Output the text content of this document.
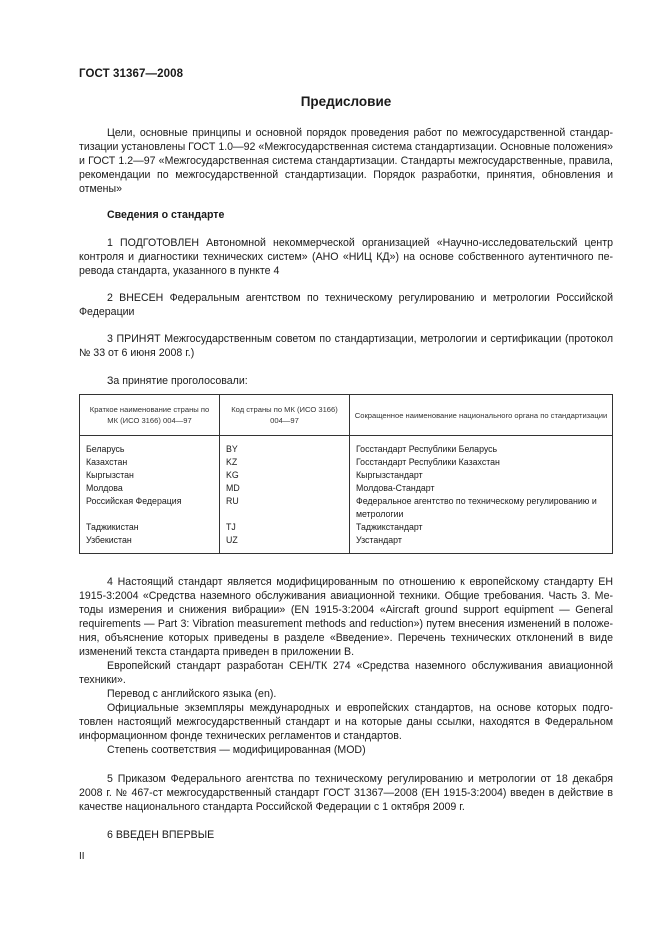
ГОСТ 31367—2008
Предисловие

Цели, основные принципы и основной порядок проведения работ по межгосударственной стандартизации установлены ГОСТ 1.0—92 «Межгосударственная система стандартизации. Основные положения» и ГОСТ 1.2—97 «Межгосударственная система стандартизации. Стандарты межгосударственные, правила, рекомендации по межгосударственной стандартизации. Порядок разработки, принятия, обновления и отмены»

Сведения о стандарте

1 ПОДГОТОВЛЕН Автономной некоммерческой организацией «Научно-исследовательский центр контроля и диагностики технических систем» (АНО «НИЦ КД») на основе собственного аутентичного перевода стандарта, указанного в пункте 4

2 ВНЕСЕН Федеральным агентством по техническому регулированию и метрологии Российской Федерации

3 ПРИНЯТ Межгосударственным советом по стандартизации, метрологии и сертификации (протокол № 33 от 6 июня 2008 г.)

За принятие проголосовали:

Краткое наименование страны по МК (ИСО 3166) 004—97	Код страны по МК (ИСО 3166) 004—97	Сокращенное наименование национального органа по стандартизации
Беларусь	BY	Госстандарт Республики Беларусь
Казахстан	KZ	Госстандарт Республики Казахстан
Кыргызстан	KG	Кыргызстандарт
Молдова	MD	Молдова-Стандарт
Российская Федерация	RU	Федеральное агентство по техническому регулированию и метрологии
Таджикистан	TJ	Таджикстандарт
Узбекистан	UZ	Узстандарт

4 Настоящий стандарт является модифицированным по отношению к европейскому стандарту ЕН 1915-3:2004 «Средства наземного обслуживания авиационной техники. Общие требования. Часть 3. Методы измерения и снижения вибрации» (EN 1915-3:2004 «Aircraft ground support equipment — General requirements — Part 3: Vibration measurement methods and reduction») путем внесения изменений в положения, объяснение которых приведены в разделе «Введение». Перечень технических отклонений в виде изменений текста стандарта приведен в приложении В.

Европейский стандарт разработан СЕН/ТК 274 «Средства наземного обслуживания авиационной техники».

Перевод с английского языка (en).

Официальные экземпляры международных и европейских стандартов, на основе которых подготовлен настоящий межгосударственный стандарт и на которые даны ссылки, находятся в Федеральном информационном фонде технических регламентов и стандартов.

Степень соответствия — модифицированная (MOD)

5 Приказом Федерального агентства по техническому регулированию и метрологии от 18 декабря 2008 г. № 467-ст межгосударственный стандарт ГОСТ 31367—2008 (ЕН 1915-3:2004) введен в действие в качестве национального стандарта Российской Федерации с 1 октября 2009 г.

6 ВВЕДЕН ВПЕРВЫЕ

II
